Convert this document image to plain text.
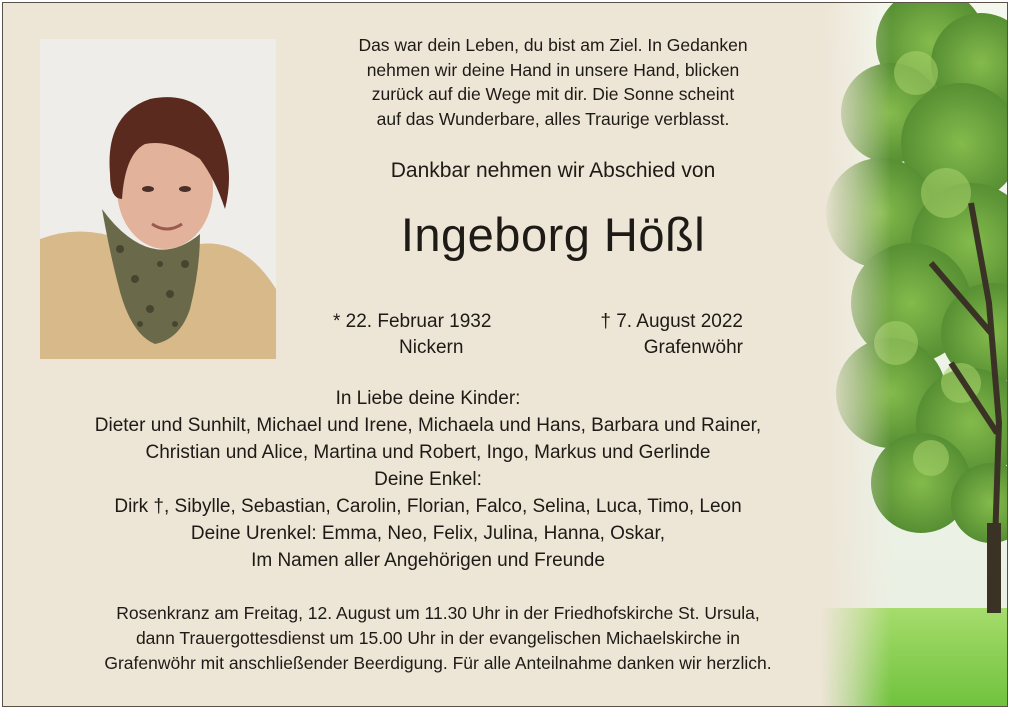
Das war dein Leben, du bist am Ziel. In Gedanken
nehmen wir deine Hand in unsere Hand, blicken
zurück auf die Wege mit dir. Die Sonne scheint
auf das Wunderbare, alles Traurige verblasst.
Dankbar nehmen wir Abschied von
Ingeborg Hößl
* 22. Februar 1932	† 7. August 2022
Nickern	Grafenwöhr
In Liebe deine Kinder:
Dieter und Sunhilt, Michael und Irene, Michaela und Hans, Barbara und Rainer,
Christian und Alice, Martina und Robert, Ingo, Markus und Gerlinde
Deine Enkel:
Dirk †, Sibylle, Sebastian, Carolin, Florian, Falco, Selina, Luca, Timo, Leon
Deine Urenkel: Emma, Neo, Felix, Julina, Hanna, Oskar,
Im Namen aller Angehörigen und Freunde
Rosenkranz am Freitag, 12. August um 11.30 Uhr in der Friedhofskirche St. Ursula,
dann Trauergottesdienst um 15.00 Uhr in der evangelischen Michaelskirche in
Grafenwöhr mit anschließender Beerdigung. Für alle Anteilnahme danken wir herzlich.
